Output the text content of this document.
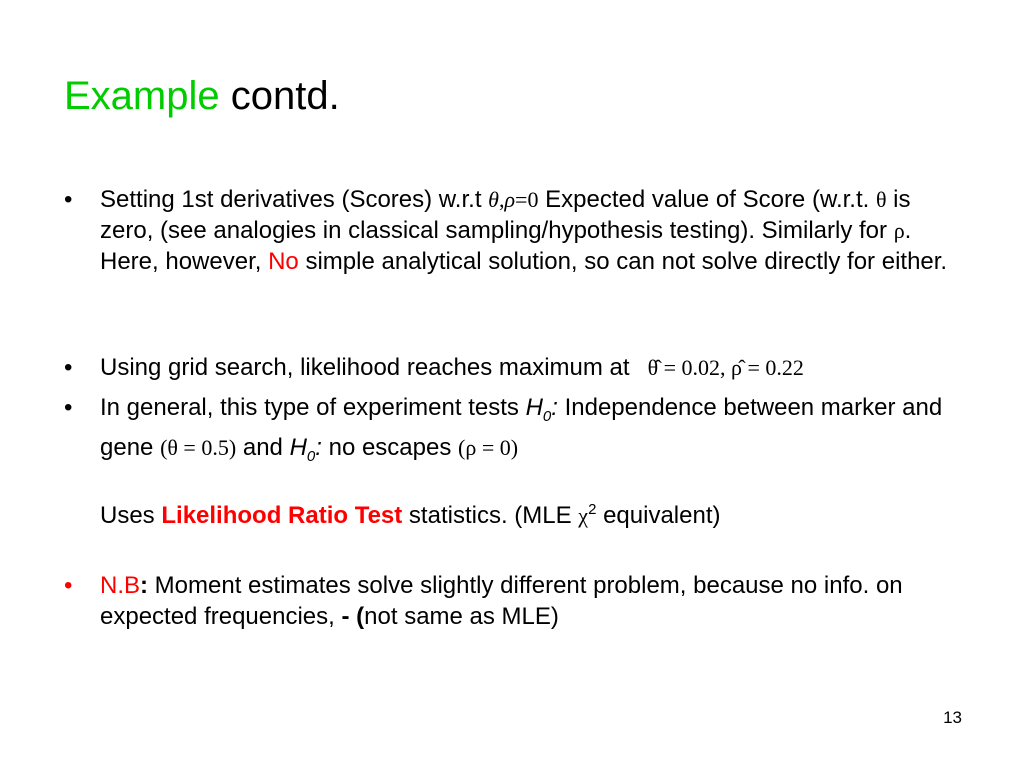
Example contd.
•	Setting 1st derivatives (Scores) w.r.t θ,ρ=0 Expected value of Score (w.r.t. θ is zero, (see analogies in classical sampling/hypothesis testing). Similarly for ρ. Here, however, No simple analytical solution, so can not solve directly for either.
•	Using grid search, likelihood reaches maximum at θ̂ = 0.02, ρ̂ = 0.22
•	In general, this type of experiment tests $H_0$: Independence between marker and gene (θ = 0.5) and $H_0$: no escapes (ρ = 0)
Uses Likelihood Ratio Test statistics. (MLE $\chi^2$ equivalent)
•	N.B: Moment estimates solve slightly different problem, because no info. on expected frequencies, - (not same as MLE)
13
